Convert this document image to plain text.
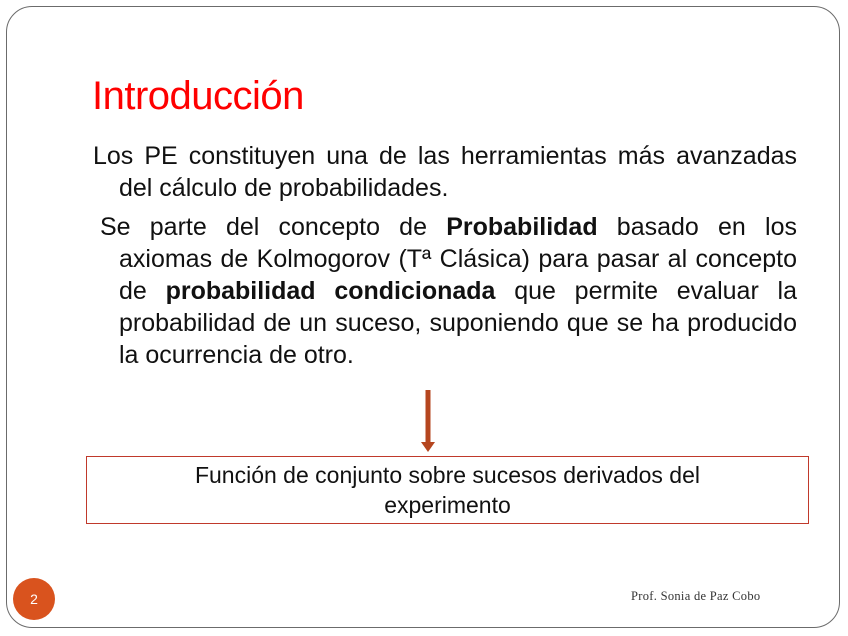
Introducción

Los PE constituyen una de las herramientas más avanzadas del cálculo de probabilidades.

Se parte del concepto de Probabilidad basado en los axiomas de Kolmogorov (Tª Clásica) para pasar al concepto de probabilidad condicionada que permite evaluar la probabilidad de un suceso, suponiendo que se ha producido la ocurrencia de otro.

Función de conjunto sobre sucesos derivados del experimento
2	Prof. Sonia de Paz Cobo
